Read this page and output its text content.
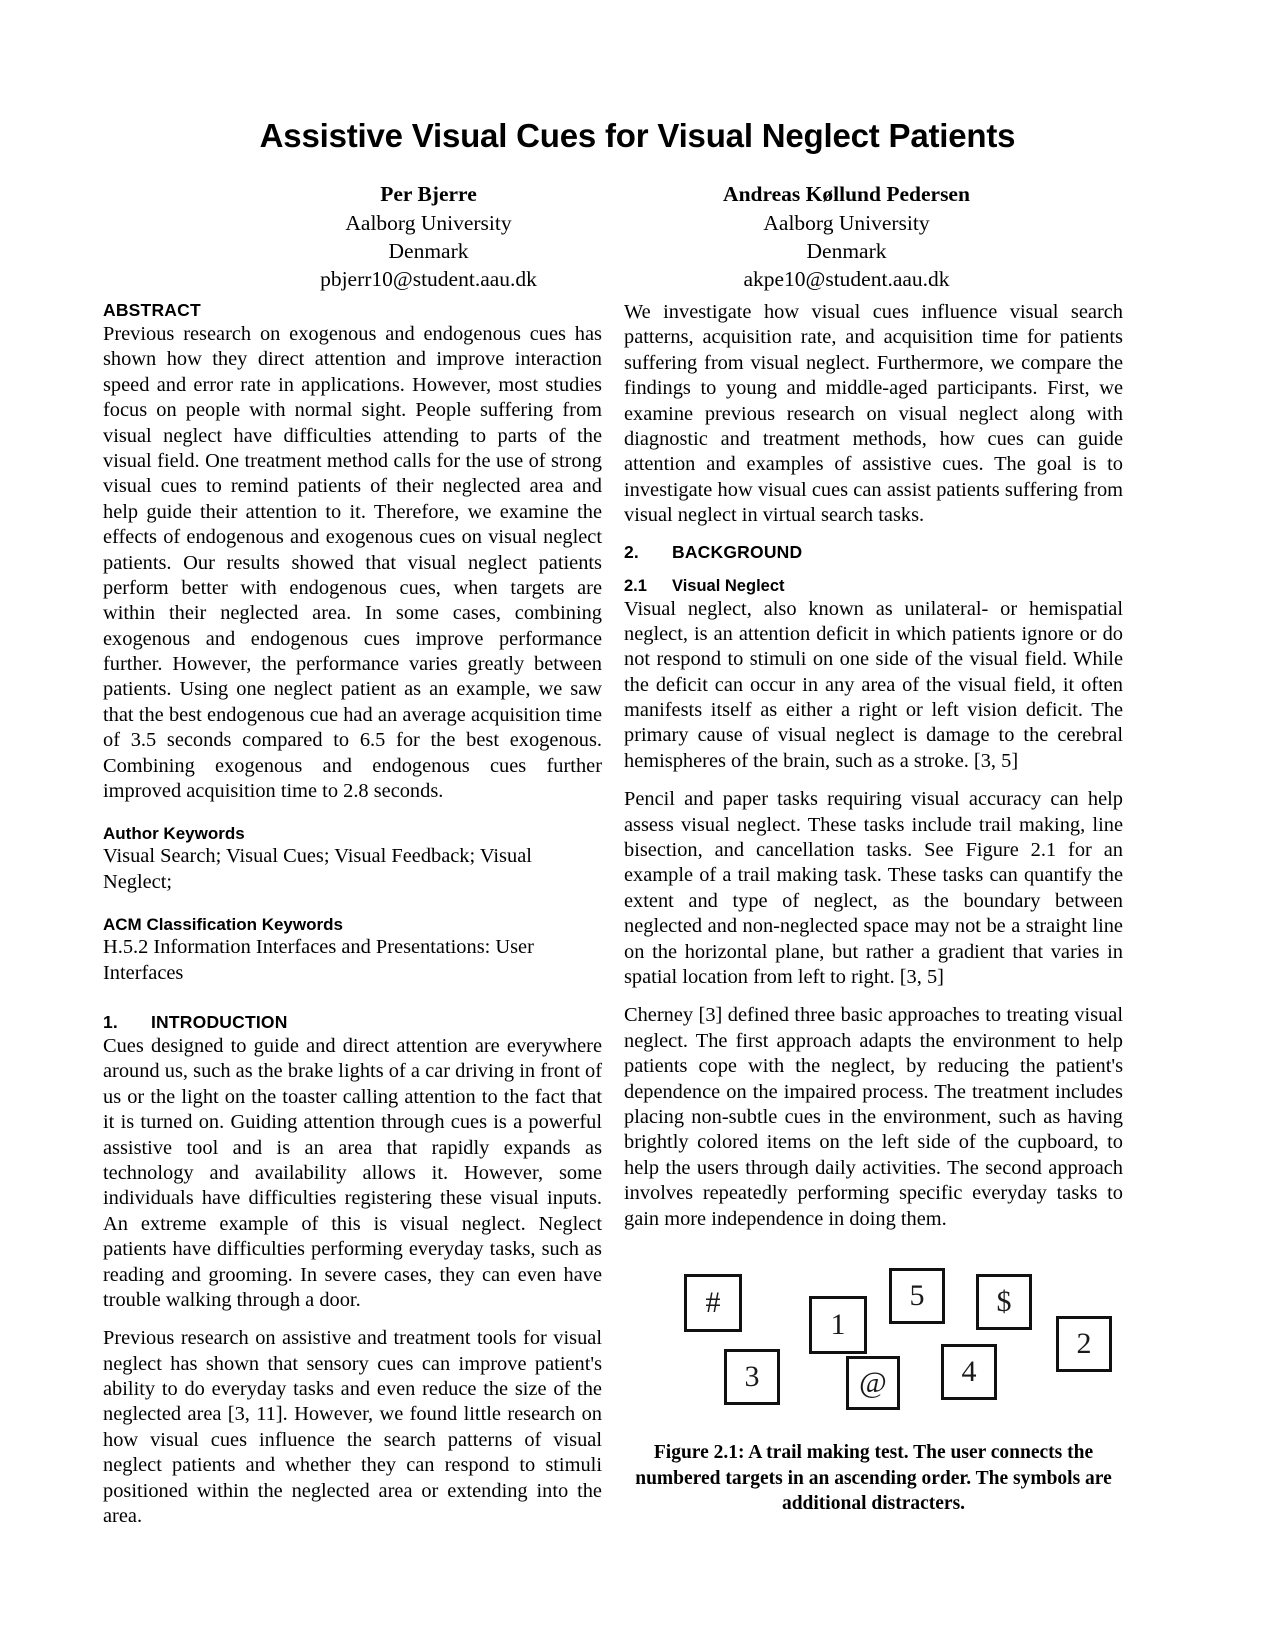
Assistive Visual Cues for Visual Neglect Patients
Per Bjerre
Aalborg University
Denmark
pbjerr10@student.aau.dk
Andreas Køllund Pedersen
Aalborg University
Denmark
akpe10@student.aau.dk
ABSTRACT

Previous research on exogenous and endogenous cues has shown how they direct attention and improve interaction speed and error rate in applications. However, most studies focus on people with normal sight. People suffering from visual neglect have difficulties attending to parts of the visual field. One treatment method calls for the use of strong visual cues to remind patients of their neglected area and help guide their attention to it. Therefore, we examine the effects of endogenous and exogenous cues on visual neglect patients. Our results showed that visual neglect patients perform better with endogenous cues, when targets are within their neglected area. In some cases, combining exogenous and endogenous cues improve performance further. However, the performance varies greatly between patients. Using one neglect patient as an example, we saw that the best endogenous cue had an average acquisition time of 3.5 seconds compared to 6.5 for the best exogenous. Combining exogenous and endogenous cues further improved acquisition time to 2.8 seconds.

Author Keywords

Visual Search; Visual Cues; Visual Feedback; Visual Neglect;

ACM Classification Keywords

H.5.2 Information Interfaces and Presentations: User Interfaces

1. INTRODUCTION

Cues designed to guide and direct attention are everywhere around us, such as the brake lights of a car driving in front of us or the light on the toaster calling attention to the fact that it is turned on. Guiding attention through cues is a powerful assistive tool and is an area that rapidly expands as technology and availability allows it. However, some individuals have difficulties registering these visual inputs. An extreme example of this is visual neglect. Neglect patients have difficulties performing everyday tasks, such as reading and grooming. In severe cases, they can even have trouble walking through a door.

Previous research on assistive and treatment tools for visual neglect has shown that sensory cues can improve patient's ability to do everyday tasks and even reduce the size of the neglected area [3, 11]. However, we found little research on how visual cues influence the search patterns of visual neglect patients and whether they can respond to stimuli positioned within the neglected area or extending into the area.

We investigate how visual cues influence visual search patterns, acquisition rate, and acquisition time for patients suffering from visual neglect. Furthermore, we compare the findings to young and middle-aged participants. First, we examine previous research on visual neglect along with diagnostic and treatment methods, how cues can guide attention and examples of assistive cues. The goal is to investigate how visual cues can assist patients suffering from visual neglect in virtual search tasks.

2. BACKGROUND
2.1 Visual Neglect

Visual neglect, also known as unilateral- or hemispatial neglect, is an attention deficit in which patients ignore or do not respond to stimuli on one side of the visual field. While the deficit can occur in any area of the visual field, it often manifests itself as either a right or left vision deficit. The primary cause of visual neglect is damage to the cerebral hemispheres of the brain, such as a stroke. [3, 5]

Pencil and paper tasks requiring visual accuracy can help assess visual neglect. These tasks include trail making, line bisection, and cancellation tasks. See Figure 2.1 for an example of a trail making task. These tasks can quantify the extent and type of neglect, as the boundary between neglected and non-neglected space may not be a straight line on the horizontal plane, but rather a gradient that varies in spatial location from left to right. [3, 5]

Cherney [3] defined three basic approaches to treating visual neglect. The first approach adapts the environment to help patients cope with the neglect, by reducing the patient's dependence on the impaired process. The treatment includes placing non-subtle cues in the environment, such as having brightly colored items on the left side of the cupboard, to help the users through daily activities. The second approach involves repeatedly performing specific everyday tasks to gain more independence in doing them.

#
1
5 $
2
3	@ 4
Figure 2.1: A trail making test. The user connects the numbered targets in an ascending order. The symbols are additional distracters.
